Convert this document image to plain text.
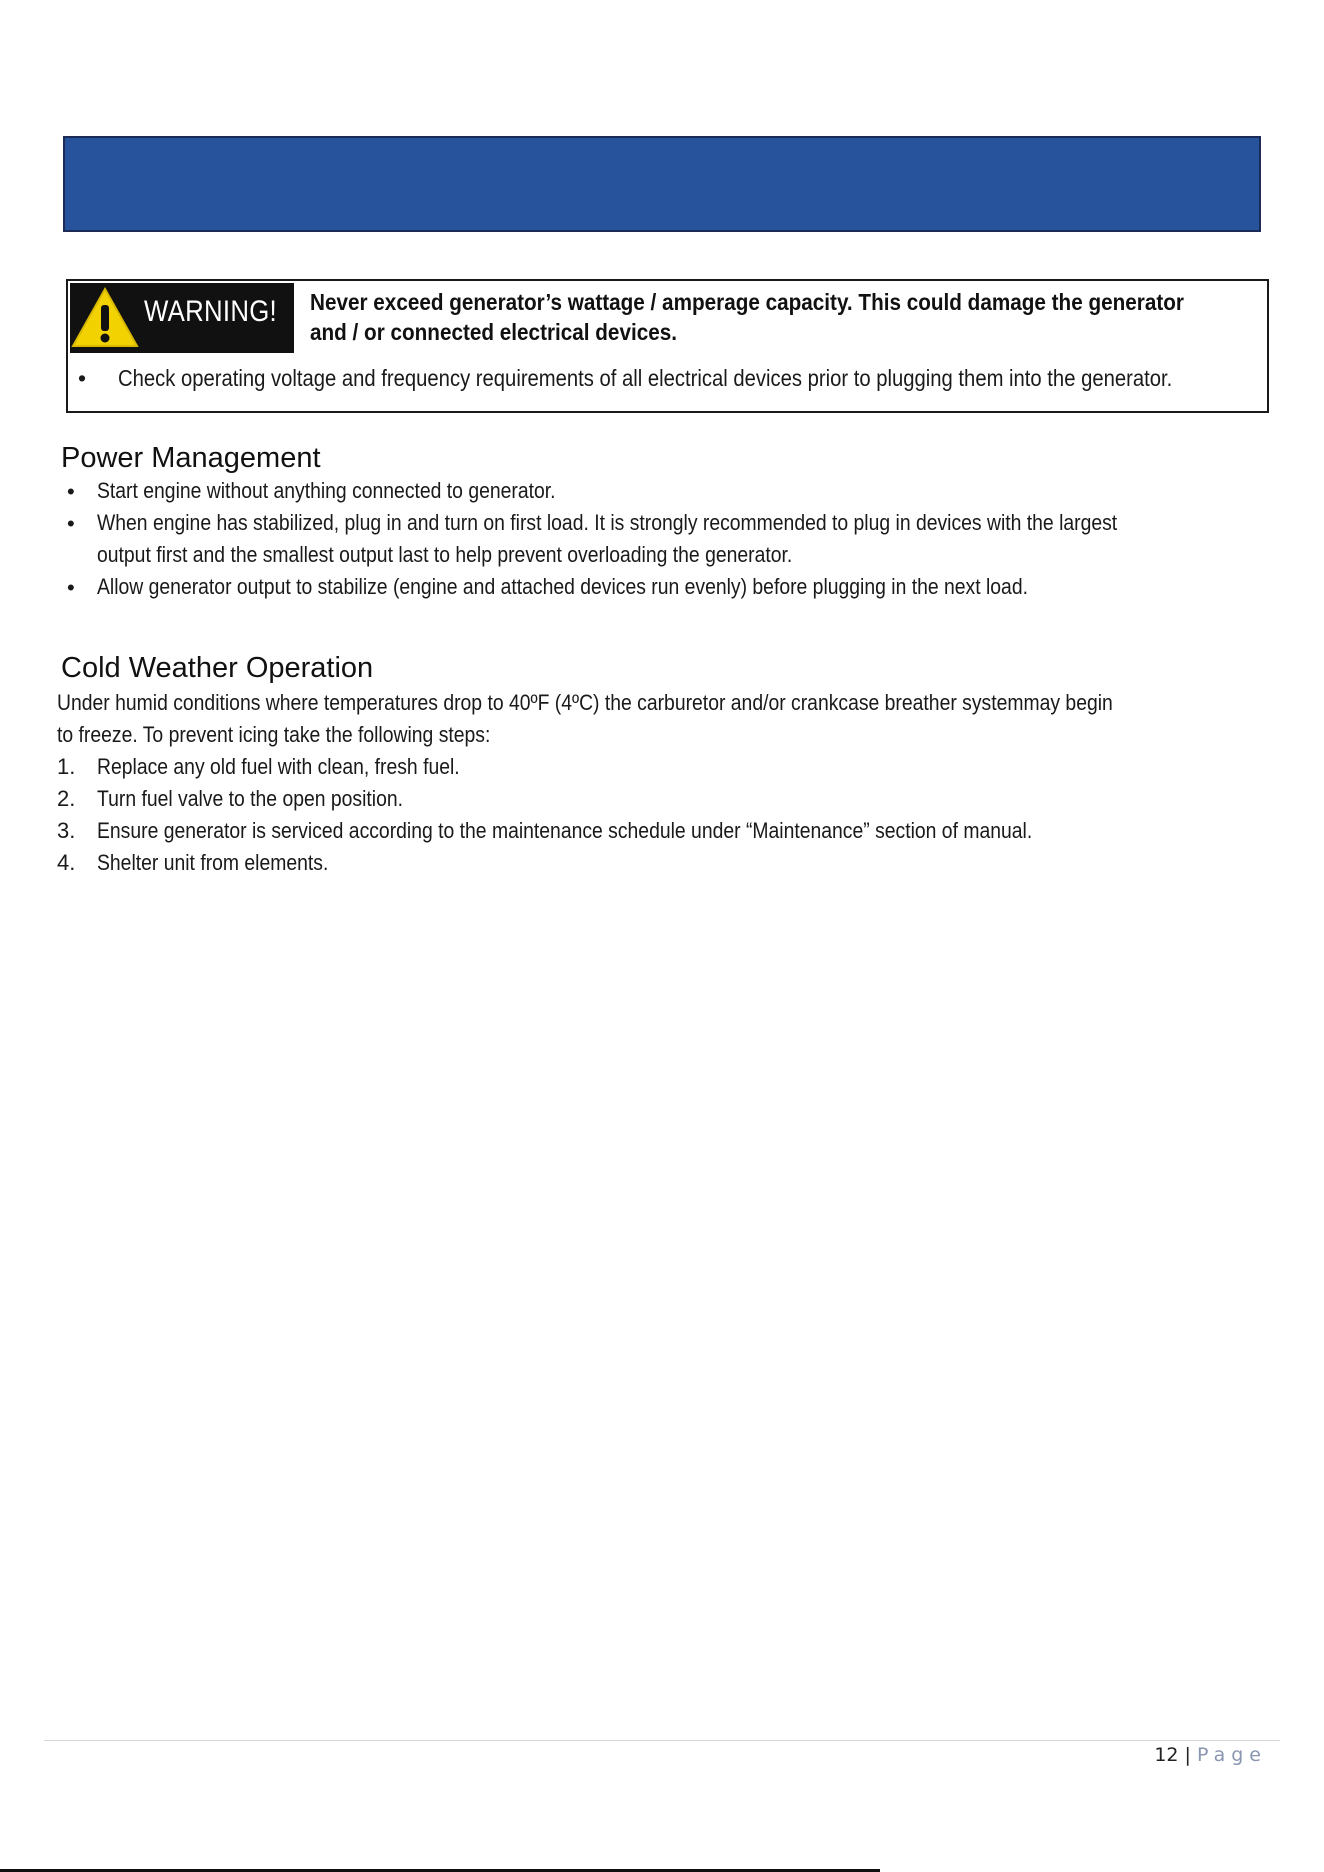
WARNING! Never exceed generator’s wattage / amperage capacity. This could damage the generator
and / or connected electrical devices.
• Check operating voltage and frequency requirements of all electrical devices prior to plugging them into the generator.
Power Management
• Start engine without anything connected to generator.
• When engine has stabilized, plug in and turn on first load. It is strongly recommended to plug in devices with the largest
output first and the smallest output last to help prevent overloading the generator.
• Allow generator output to stabilize (engine and attached devices run evenly) before plugging in the next load.
Cold Weather Operation
Under humid conditions where temperatures drop to 40ºF (4ºC) the carburetor and/or crankcase breather systemmay begin
to freeze. To prevent icing take the following steps:
1. Replace any old fuel with clean, fresh fuel.
2. Turn fuel valve to the open position.
3. Ensure generator is serviced according to the maintenance schedule under “Maintenance” section of manual.
4. Shelter unit from elements.
12 | Page
